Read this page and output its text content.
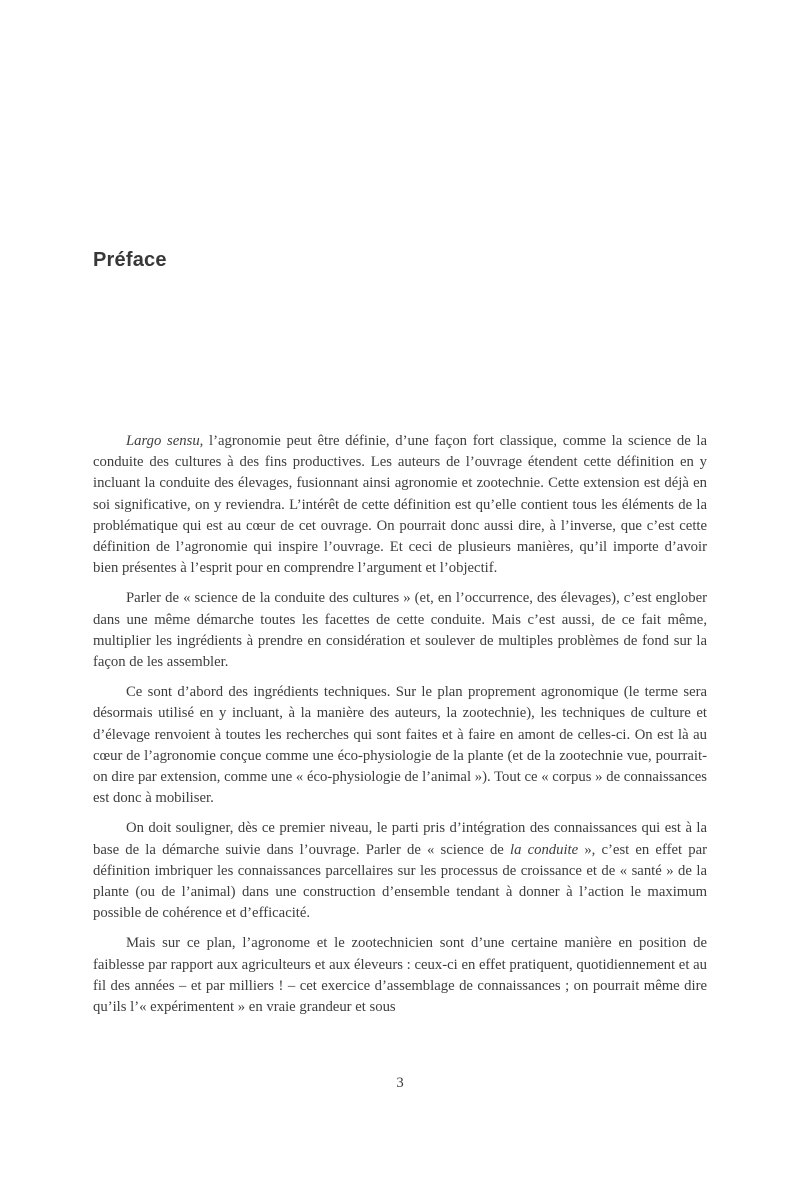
Préface

Largo sensu, l’agronomie peut être définie, d’une façon fort classique, comme la science de la conduite des cultures à des fins productives. Les auteurs de l’ouvrage étendent cette définition en y incluant la conduite des élevages, fusionnant ainsi agronomie et zootechnie. Cette extension est déjà en soi significative, on y reviendra. L’intérêt de cette définition est qu’elle contient tous les éléments de la problématique qui est au cœur de cet ouvrage. On pourrait donc aussi dire, à l’inverse, que c’est cette définition de l’agronomie qui inspire l’ouvrage. Et ceci de plusieurs manières, qu’il importe d’avoir bien présentes à l’esprit pour en comprendre l’argument et l’objectif.

Parler de « science de la conduite des cultures » (et, en l’occurrence, des élevages), c’est englober dans une même démarche toutes les facettes de cette conduite. Mais c’est aussi, de ce fait même, multiplier les ingrédients à prendre en considération et soulever de multiples problèmes de fond sur la façon de les assembler.

Ce sont d’abord des ingrédients techniques. Sur le plan proprement agronomique (le terme sera désormais utilisé en y incluant, à la manière des auteurs, la zootechnie), les techniques de culture et d’élevage renvoient à toutes les recherches qui sont faites et à faire en amont de celles-ci. On est là au cœur de l’agronomie conçue comme une éco-physiologie de la plante (et de la zootechnie vue, pourrait-on dire par extension, comme une « éco-physiologie de l’animal »). Tout ce « corpus » de connaissances est donc à mobiliser.

On doit souligner, dès ce premier niveau, le parti pris d’intégration des connaissances qui est à la base de la démarche suivie dans l’ouvrage. Parler de « science de la conduite », c’est en effet par définition imbriquer les connaissances parcellaires sur les processus de croissance et de « santé » de la plante (ou de l’animal) dans une construction d’ensemble tendant à donner à l’action le maximum possible de cohérence et d’efficacité.

Mais sur ce plan, l’agronome et le zootechnicien sont d’une certaine manière en position de faiblesse par rapport aux agriculteurs et aux éleveurs : ceux-ci en effet pratiquent, quotidiennement et au fil des années – et par milliers ! – cet exercice d’assemblage de connaissances ; on pourrait même dire qu’ils l’« expérimentent » en vraie grandeur et sous

3
